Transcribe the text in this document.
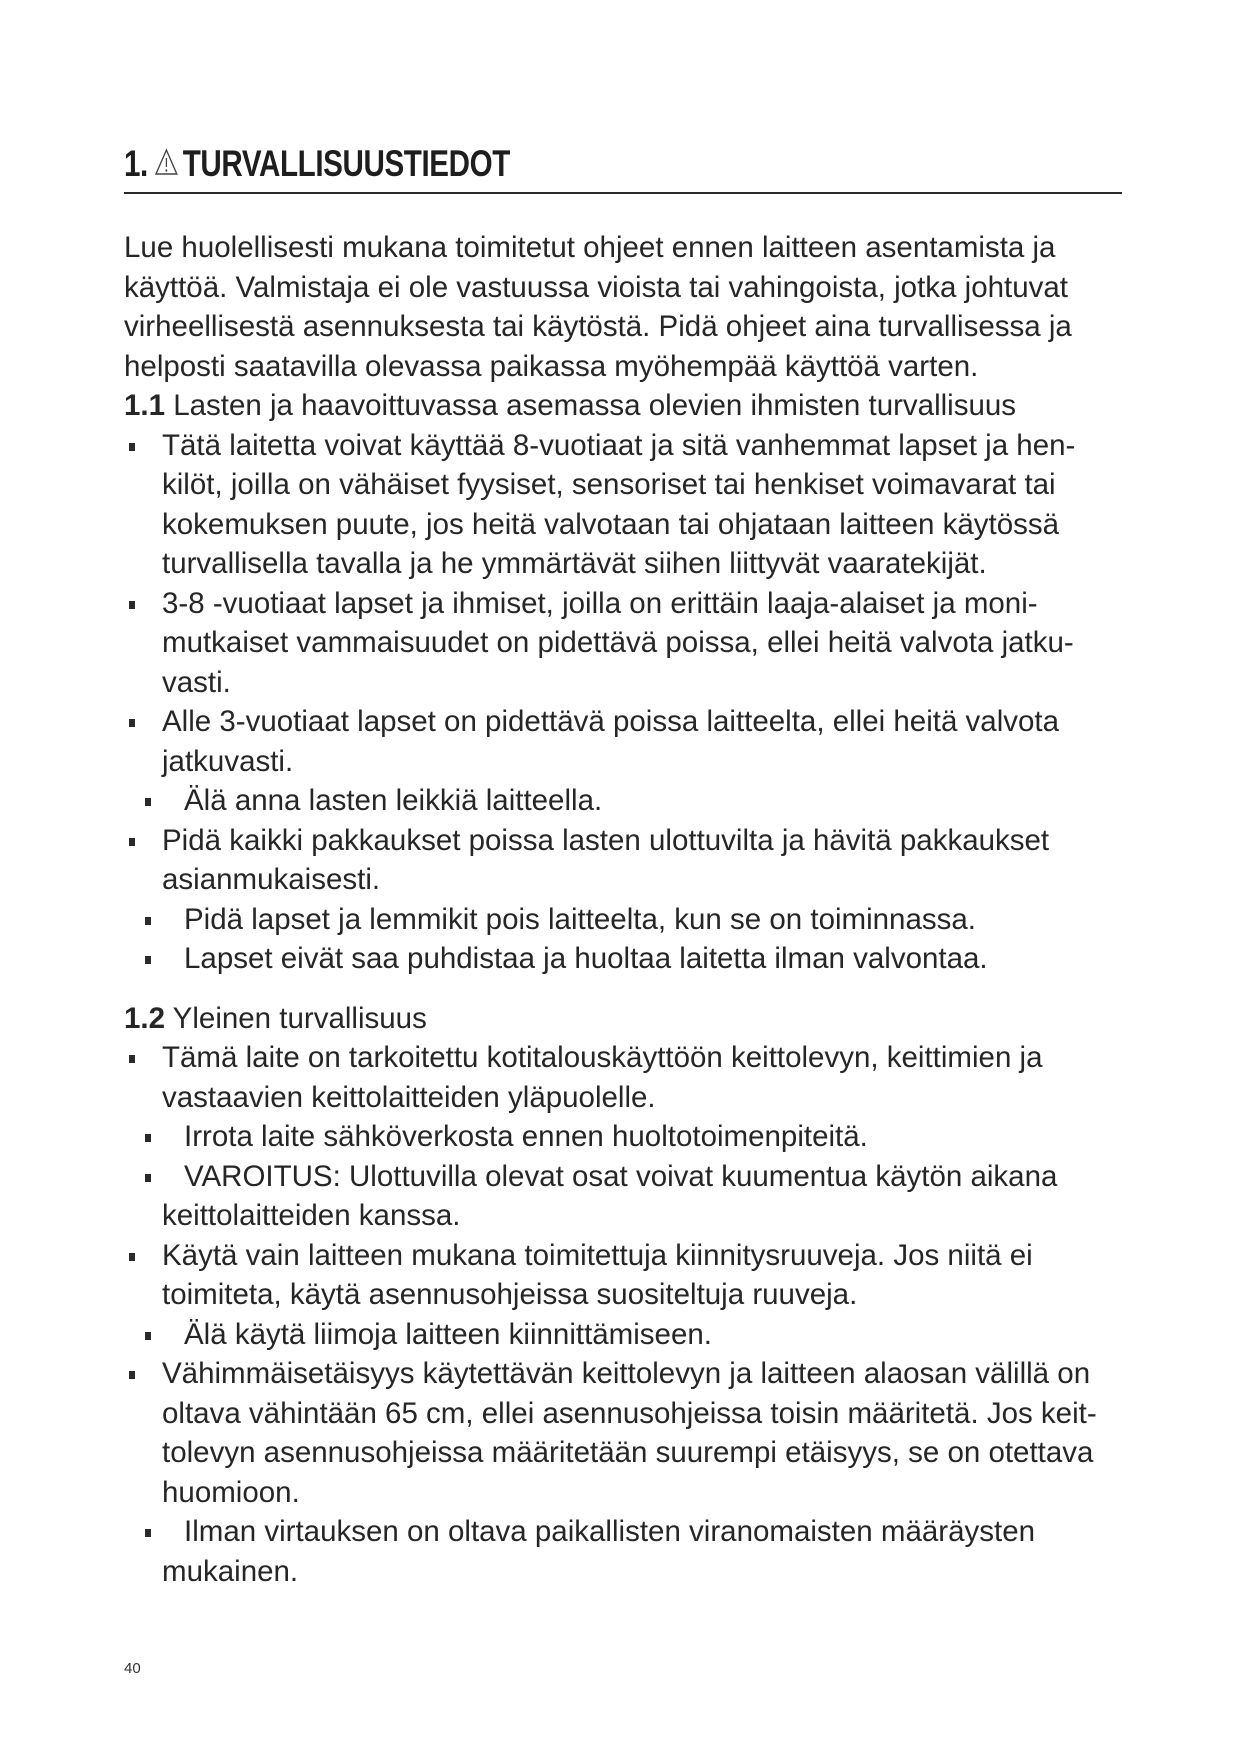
1. TURVALLISUUSTIEDOT
Lue huolellisesti mukana toimitetut ohjeet ennen laitteen asentamista ja
käyttöä. Valmistaja ei ole vastuussa vioista tai vahingoista, jotka johtuvat
virheellisestä asennuksesta tai käytöstä. Pidä ohjeet aina turvallisessa ja
helposti saatavilla olevassa paikassa myöhempää käyttöä varten.
1.1 Lasten ja haavoittuvassa asemassa olevien ihmisten turvallisuus
Tätä laitetta voivat käyttää 8-vuotiaat ja sitä vanhemmat lapset ja hen-
kilöt, joilla on vähäiset fyysiset, sensoriset tai henkiset voimavarat tai
kokemuksen puute, jos heitä valvotaan tai ohjataan laitteen käytössä
turvallisella tavalla ja he ymmärtävät siihen liittyvät vaaratekijät.
3-8 -vuotiaat lapset ja ihmiset, joilla on erittäin laaja-alaiset ja moni-
mutkaiset vammaisuudet on pidettävä poissa, ellei heitä valvota jatku-
vasti.
Alle 3-vuotiaat lapset on pidettävä poissa laitteelta, ellei heitä valvota
jatkuvasti.
Älä anna lasten leikkiä laitteella.
Pidä kaikki pakkaukset poissa lasten ulottuvilta ja hävitä pakkaukset
asianmukaisesti.
Pidä lapset ja lemmikit pois laitteelta, kun se on toiminnassa.
Lapset eivät saa puhdistaa ja huoltaa laitetta ilman valvontaa.
1.2 Yleinen turvallisuus
Tämä laite on tarkoitettu kotitalouskäyttöön keittolevyn, keittimien ja
vastaavien keittolaitteiden yläpuolelle.
Irrota laite sähköverkosta ennen huoltotoimenpiteitä.
VAROITUS: Ulottuvilla olevat osat voivat kuumentua käytön aikana
keittolaitteiden kanssa.
Käytä vain laitteen mukana toimitettuja kiinnitysruuveja. Jos niitä ei
toimiteta, käytä asennusohjeissa suositeltuja ruuveja.
Älä käytä liimoja laitteen kiinnittämiseen.
Vähimmäisetäisyys käytettävän keittolevyn ja laitteen alaosan välillä on
oltava vähintään 65 cm, ellei asennusohjeissa toisin määritetä. Jos keit-
tolevyn asennusohjeissa määritetään suurempi etäisyys, se on otettava
huomioon.
Ilman virtauksen on oltava paikallisten viranomaisten määräysten
mukainen.
40
